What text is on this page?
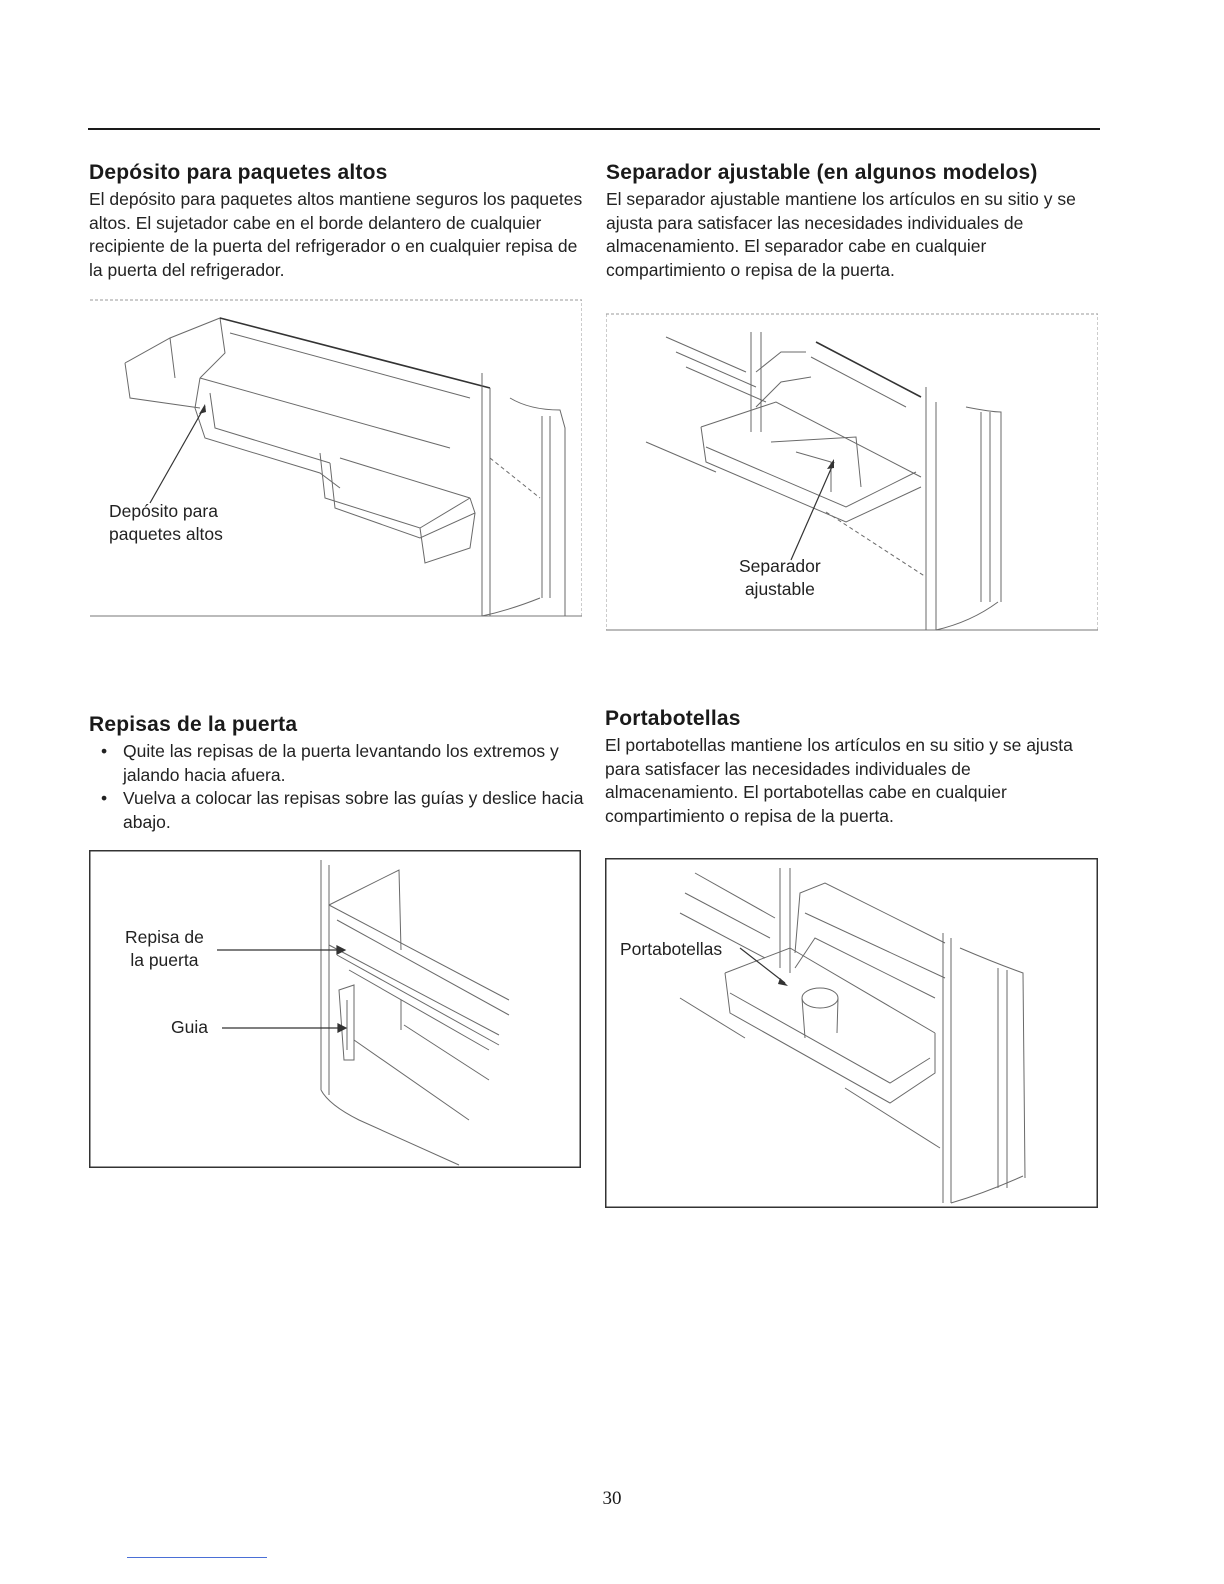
Depósito para paquetes altos

El depósito para paquetes altos mantiene seguros los paquetes altos. El sujetador cabe en el borde delantero de cualquier recipiente de la puerta del refrigerador o en cualquier repisa de la puerta del refrigerador.

Separador ajustable (en algunos modelos)

El separador ajustable mantiene los artículos en su sitio y se ajusta para satisfacer las necesidades individuales de almacenamiento. El separador cabe en cualquier compartimiento o repisa de la puerta.

Depósito para
paquetes altos
Separador
ajustable
Repisas de la puerta
• Quite las repisas de la puerta levantando los extremos y jalando hacia afuera.
• Vuelva a colocar las repisas sobre las guías y deslice hacia abajo.
Portabotellas

El portabotellas mantiene los artículos en su sitio y se ajusta para satisfacer las necesidades individuales de almacenamiento. El portabotellas cabe en cualquier compartimiento o repisa de la puerta.

Repisa de
la puerta
Guia
Portabotellas
30
